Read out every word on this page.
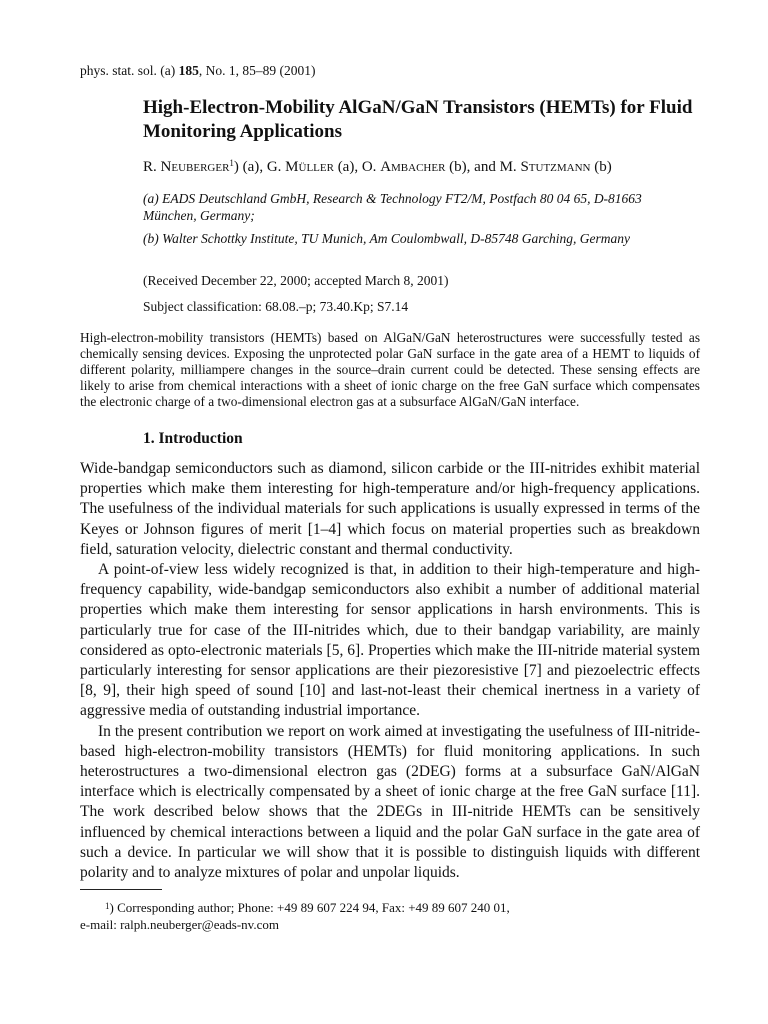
phys. stat. sol. (a) 185, No. 1, 85–89 (2001)
High-Electron-Mobility AlGaN/GaN Transistors (HEMTs) for Fluid Monitoring Applications
R. Neuberger$^1$) (a), G. Müller (a), O. Ambacher (b), and M. Stutzmann (b)

(a) EADS Deutschland GmbH, Research & Technology FT2/M, Postfach 80 04 65, D-81663 München, Germany;

(b) Walter Schottky Institute, TU Munich, Am Coulombwall, D-85748 Garching, Germany

(Received December 22, 2000; accepted March 8, 2001)
Subject classification: 68.08.–p; 73.40.Kp; S7.14

High-electron-mobility transistors (HEMTs) based on AlGaN/GaN heterostructures were successfully tested as chemically sensing devices. Exposing the unprotected polar GaN surface in the gate area of a HEMT to liquids of different polarity, milliampere changes in the source–drain current could be detected. These sensing effects are likely to arise from chemical interactions with a sheet of ionic charge on the free GaN surface which compensates the electronic charge of a two-dimensional electron gas at a subsurface AlGaN/GaN interface.

1. Introduction

Wide-bandgap semiconductors such as diamond, silicon carbide or the III-nitrides exhibit material properties which make them interesting for high-temperature and/or high-frequency applications. The usefulness of the individual materials for such applications is usually expressed in terms of the Keyes or Johnson figures of merit [1–4] which focus on material properties such as breakdown field, saturation velocity, dielectric constant and thermal conductivity.

A point-of-view less widely recognized is that, in addition to their high-temperature and high-frequency capability, wide-bandgap semiconductors also exhibit a number of additional material properties which make them interesting for sensor applications in harsh environments. This is particularly true for case of the III-nitrides which, due to their bandgap variability, are mainly considered as opto-electronic materials [5, 6]. Properties which make the III-nitride material system particularly interesting for sensor applications are their piezoresistive [7] and piezoelectric effects [8, 9], their high speed of sound [10] and last-not-least their chemical inertness in a variety of aggressive media of outstanding industrial importance.

In the present contribution we report on work aimed at investigating the usefulness of III-nitride-based high-electron-mobility transistors (HEMTs) for fluid monitoring applications. In such heterostructures a two-dimensional electron gas (2DEG) forms at a subsurface GaN/AlGaN interface which is electrically compensated by a sheet of ionic charge at the free GaN surface [11]. The work described below shows that the 2DEGs in III-nitride HEMTs can be sensitively influenced by chemical interactions between a liquid and the polar GaN surface in the gate area of such a device. In particular we will show that it is possible to distinguish liquids with different polarity and to analyze mixtures of polar and unpolar liquids.

$^1$) Corresponding author; Phone: +49 89 607 224 94, Fax: +49 89 607 240 01,
e-mail: ralph.neuberger@eads-nv.com
